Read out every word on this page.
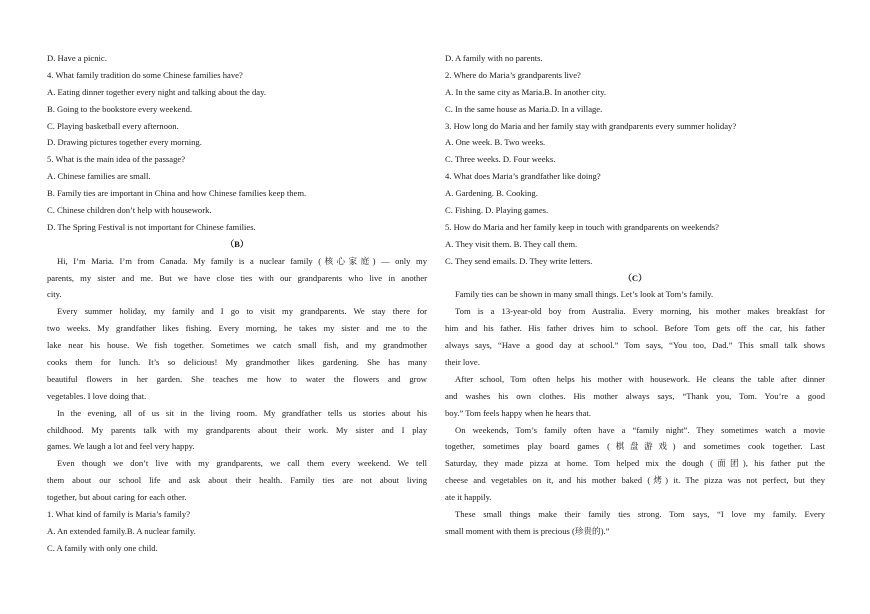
D. Have a picnic.
4. What family tradition do some Chinese families have?
A. Eating dinner together every night and talking about the day.
B. Going to the bookstore every weekend.
C. Playing basketball every afternoon.
D. Drawing pictures together every morning.
5. What is the main idea of the passage?
A. Chinese families are small.
B. Family ties are important in China and how Chinese families keep them.
C. Chinese children don’t help with housework.
D. The Spring Festival is not important for Chinese families.
（B）
Hi, I’m Maria. I’m from Canada. My family is a nuclear family (核心家庭) — only my
parents, my sister and me. But we have close ties with our grandparents who live in another
city.
Every summer holiday, my family and I go to visit my grandparents. We stay there for
two weeks. My grandfather likes fishing. Every morning, he takes my sister and me to the
lake near his house. We fish together. Sometimes we catch small fish, and my grandmother
cooks them for lunch. It’s so delicious! My grandmother likes gardening. She has many
beautiful flowers in her garden. She teaches me how to water the flowers and grow
vegetables. I love doing that.
In the evening, all of us sit in the living room. My grandfather tells us stories about his
childhood. My parents talk with my grandparents about their work. My sister and I play
games. We laugh a lot and feel very happy.
Even though we don’t live with my grandparents, we call them every weekend. We tell
them about our school life and ask about their health. Family ties are not about living
together, but about caring for each other.
1. What kind of family is Maria’s family?
A. An extended family.B. A nuclear family.
C. A family with only one child.
D. A family with no parents.
2. Where do Maria’s grandparents live?
A. In the same city as Maria.B. In another city.
C. In the same house as Maria.D. In a village.
3. How long do Maria and her family stay with grandparents every summer holiday?
A. One week. B. Two weeks.
C. Three weeks. D. Four weeks.
4. What does Maria’s grandfather like doing?
A. Gardening. B. Cooking.
C. Fishing. D. Playing games.
5. How do Maria and her family keep in touch with grandparents on weekends?
A. They visit them. B. They call them.
C. They send emails. D. They write letters.
（C）
Family ties can be shown in many small things. Let’s look at Tom’s family.
Tom is a 13-year-old boy from Australia. Every morning, his mother makes breakfast for
him and his father. His father drives him to school. Before Tom gets off the car, his father
always says, “Have a good day at school.” Tom says, “You too, Dad.” This small talk shows
their love.
After school, Tom often helps his mother with housework. He cleans the table after dinner
and washes his own clothes. His mother always says, “Thank you, Tom. You’re a good
boy.” Tom feels happy when he hears that.
On weekends, Tom’s family often have a “family night”. They sometimes watch a movie
together, sometimes play board games (棋盘游戏) and sometimes cook together. Last
Saturday, they made pizza at home. Tom helped mix the dough (面团), his father put the
cheese and vegetables on it, and his mother baked (烤) it. The pizza was not perfect, but they
ate it happily.
These small things make their family ties strong. Tom says, “I love my family. Every
small moment with them is precious (珍贵的).”
